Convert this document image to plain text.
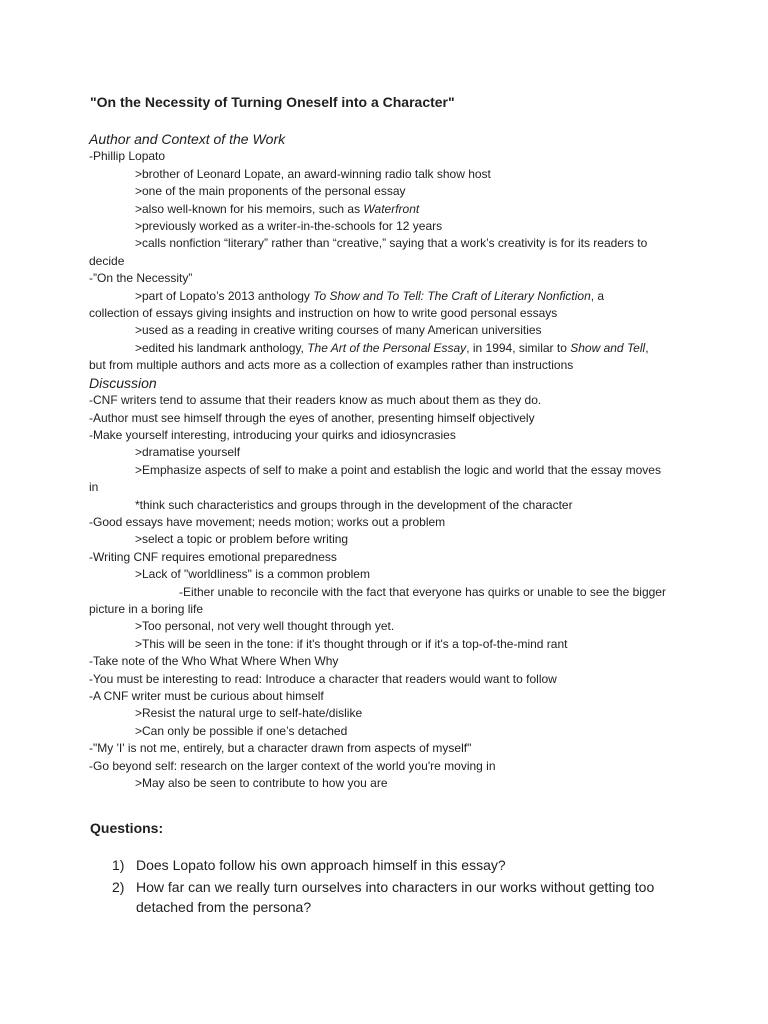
"On the Necessity of Turning Oneself into a Character"
Author and Context of the Work
-Phillip Lopato
>brother of Leonard Lopate, an award-winning radio talk show host
>one of the main proponents of the personal essay
>also well-known for his memoirs, such as Waterfront
>previously worked as a writer-in-the-schools for 12 years
>calls nonfiction “literary” rather than “creative,” saying that a work’s creativity is for its readers to
decide
-”On the Necessity”
>part of Lopato’s 2013 anthology To Show and To Tell: The Craft of Literary Nonfiction, a
collection of essays giving insights and instruction on how to write good personal essays
>used as a reading in creative writing courses of many American universities
>edited his landmark anthology, The Art of the Personal Essay, in 1994, similar to Show and Tell,
but from multiple authors and acts more as a collection of examples rather than instructions
Discussion
-CNF writers tend to assume that their readers know as much about them as they do.
-Author must see himself through the eyes of another, presenting himself objectively
-Make yourself interesting, introducing your quirks and idiosyncrasies
>dramatise yourself
>Emphasize aspects of self to make a point and establish the logic and world that the essay moves
in
*think such characteristics and groups through in the development of the character
-Good essays have movement; needs motion; works out a problem
>select a topic or problem before writing
-Writing CNF requires emotional preparedness
>Lack of "worldliness" is a common problem
-Either unable to reconcile with the fact that everyone has quirks or unable to see the bigger
picture in a boring life
>Too personal, not very well thought through yet.
>This will be seen in the tone: if it's thought through or if it's a top-of-the-mind rant
-Take note of the Who What Where When Why
-You must be interesting to read: Introduce a character that readers would want to follow
-A CNF writer must be curious about himself
>Resist the natural urge to self-hate/dislike
>Can only be possible if one’s detached
-"My 'I' is not me, entirely, but a character drawn from aspects of myself"
-Go beyond self: research on the larger context of the world you're moving in
>May also be seen to contribute to how you are
Questions:
1) Does Lopato follow his own approach himself in this essay?
2) How far can we really turn ourselves into characters in our works without getting too detached from the persona?
